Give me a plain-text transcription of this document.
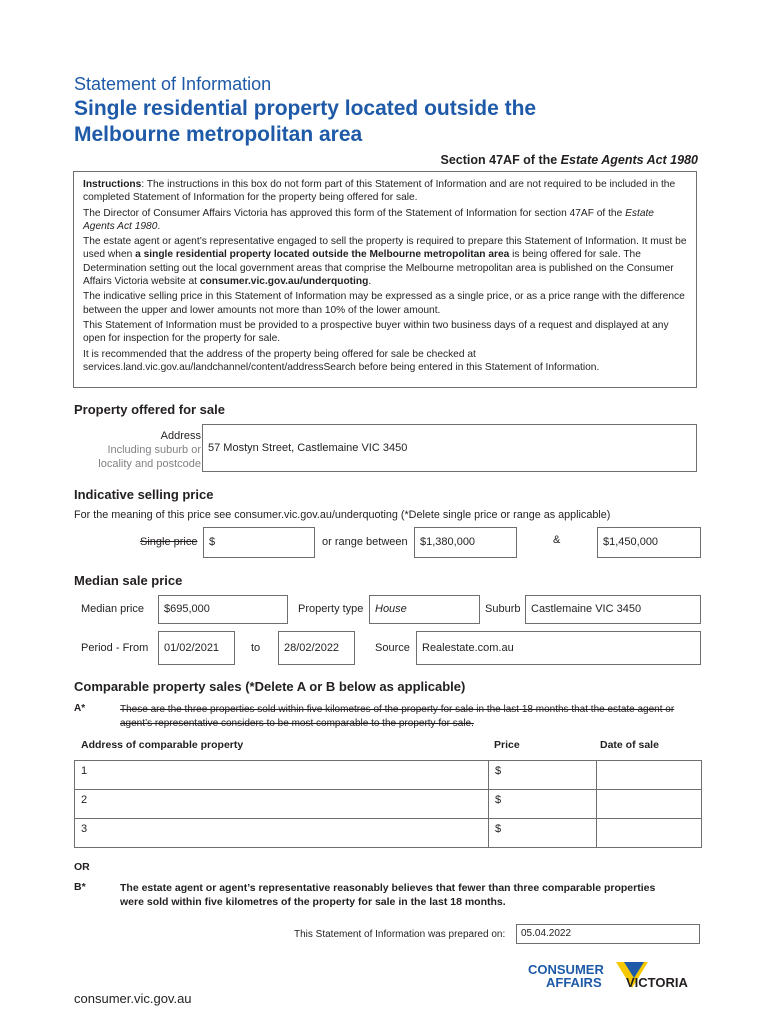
Statement of Information
Single residential property located outside the Melbourne metropolitan area
Section 47AF of the Estate Agents Act 1980

Instructions: The instructions in this box do not form part of this Statement of Information and are not required to be included in the completed Statement of Information for the property being offered for sale.

The Director of Consumer Affairs Victoria has approved this form of the Statement of Information for section 47AF of the Estate Agents Act 1980.

The estate agent or agent’s representative engaged to sell the property is required to prepare this Statement of Information. It must be used when a single residential property located outside the Melbourne metropolitan area is being offered for sale. The Determination setting out the local government areas that comprise the Melbourne metropolitan area is published on the Consumer Affairs Victoria website at consumer.vic.gov.au/underquoting.

The indicative selling price in this Statement of Information may be expressed as a single price, or as a price range with the difference between the upper and lower amounts not more than 10% of the lower amount.

This Statement of Information must be provided to a prospective buyer within two business days of a request and displayed at any open for inspection for the property for sale.

It is recommended that the address of the property being offered for sale be checked at services.land.vic.gov.au/landchannel/content/addressSearch before being entered in this Statement of Information.

Property offered for sale
Address
Including suburb or
locality and postcode
57 Mostyn Street, Castlemaine VIC 3450
Indicative selling price
For the meaning of this price see consumer.vic.gov.au/underquoting (*Delete single price or range as applicable)
Single price	$	or range between	$1,380,000	&	$1,450,000
Median sale price
Median price	$695,000	Property type	House	Suburb Castlemaine VIC 3450
Period - From	01/02/2021	to	28/02/2022	Source	Realestate.com.au
Comparable property sales (*Delete A or B below as applicable)
A*	These are the three properties sold within five kilometres of the property for sale in the last 18 months that the estate agent or agent’s representative considers to be most comparable to the property for sale.
Address of comparable property	Price	Date of sale
1	$	
2	$	
3	$	
OR
B*	The estate agent or agent’s representative reasonably believes that fewer than three comparable properties were sold within five kilometres of the property for sale in the last 18 months.
This Statement of Information was prepared on:	05.04.2022
CONSUMER
AFFAIRS VICTORIA
consumer.vic.gov.au
